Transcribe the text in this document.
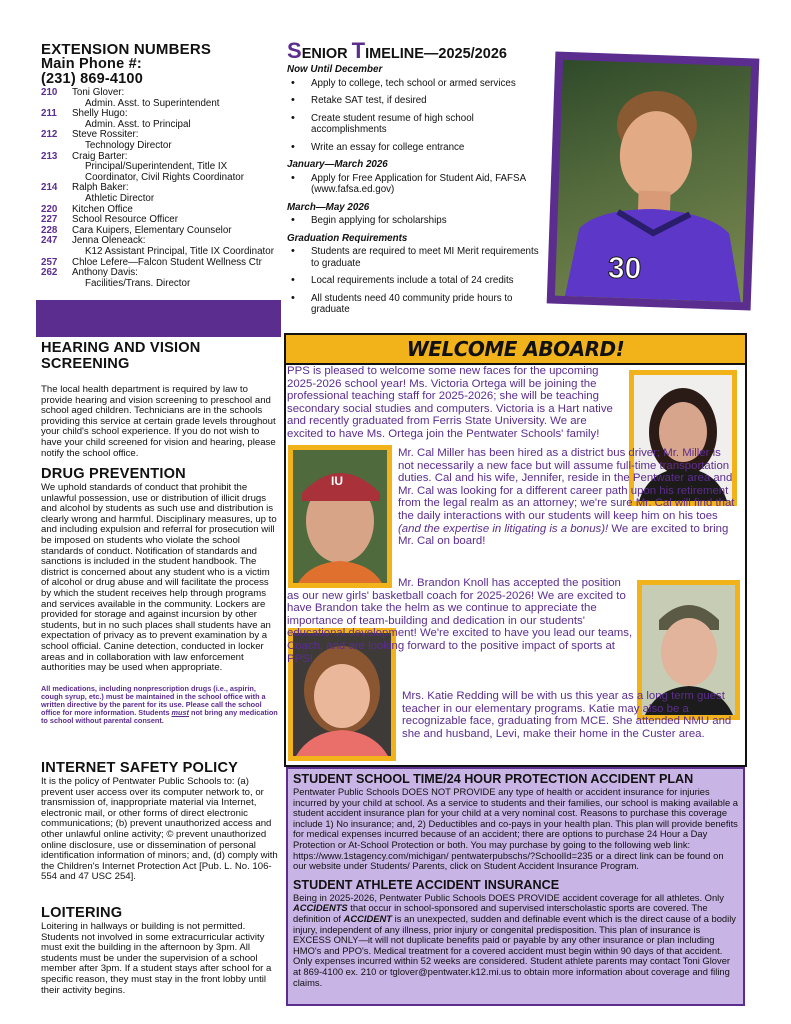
EXTENSION NUMBERS
Main Phone #:
(231) 869-4100
210	Toni Glover:
Admin. Asst. to Superintendent
211	Shelly Hugo:
Admin. Asst. to Principal
212	Steve Rossiter:
Technology Director
213	Craig Barter:
Principal/Superintendent, Title IX Coordinator, Civil Rights Coordinator
214	Ralph Baker:
Athletic Director
220	Kitchen Office
227	School Resource Officer
228	Cara Kuipers, Elementary Counselor
247	Jenna Oleneack:
K12 Assistant Principal, Title IX Coordinator
257	Chloe Lefere—Falcon Student Wellness Ctr
262	Anthony Davis:
Facilities/Trans. Director
SENIOR TIMELINE—2025/2026
Now Until December
• Apply to college, tech school or armed services
• Retake SAT test, if desired
• Create student resume of high school accomplishments
• Write an essay for college entrance
January—March 2026
• Apply for Free Application for Student Aid, FAFSA (www.fafsa.ed.gov)
March—May 2026
• Begin applying for scholarships
Graduation Requirements
• Students are required to meet MI Merit requirements to graduate
• Local requirements include a total of 24 credits
• All students need 40 community pride hours to graduate
30
HEARING AND VISION SCREENING
The local health department is required by law to provide hearing and vision screening to preschool and school aged children. Technicians are in the schools providing this service at certain grade levels throughout your child's school experience. If you do not wish to have your child screened for vision and hearing, please notify the school office.
DRUG PREVENTION
We uphold standards of conduct that prohibit the unlawful possession, use or distribution of illicit drugs and alcohol by students as such use and distribution is clearly wrong and harmful. Disciplinary measures, up to and including expulsion and referral for prosecution will be imposed on students who violate the school standards of conduct. Notification of standards and sanctions is included in the student handbook. The district is concerned about any student who is a victim of alcohol or drug abuse and will facilitate the process by which the student receives help through programs and services available in the community. Lockers are provided for storage and against incursion by other students, but in no such places shall students have an expectation of privacy as to prevent examination by a school official. Canine detection, conducted in locker areas and in collaboration with law enforcement authorities may be used when appropriate.
All medications, including nonprescription drugs (i.e., aspirin, cough syrup, etc.) must be maintained in the school office with a written directive by the parent for its use. Please call the school office for more information. Students must not bring any medication to school without parental consent.
INTERNET SAFETY POLICY
It is the policy of Pentwater Public Schools to: (a) prevent user access over its computer network to, or transmission of, inappropriate material via Internet, electronic mail, or other forms of direct electronic communications; (b) prevent unauthorized access and other unlawful online activity; © prevent unauthorized online disclosure, use or dissemination of personal identification information of minors; and, (d) comply with the Children's Internet Protection Act [Pub. L. No. 106-554 and 47 USC 254].
LOITERING
Loitering in hallways or building is not permitted. Students not involved in some extracurricular activity must exit the building in the afternoon by 3pm. All students must be under the supervision of a school member after 3pm. If a student stays after school for a specific reason, they must stay in the front lobby until their activity begins.
WELCOME ABOARD!
PPS is pleased to welcome some new faces for the upcoming 2025-2026 school year! Ms. Victoria Ortega will be joining the professional teaching staff for 2025-2026; she will be teaching secondary social studies and computers. Victoria is a Hart native and recently graduated from Ferris State University. We are excited to have Ms. Ortega join the Pentwater Schools' family!
IU
Mr. Cal Miller has been hired as a district bus driver; Mr. Miller is not necessarily a new face but will assume full-time transportation duties. Cal and his wife, Jennifer, reside in the Pentwater area and Mr. Cal was looking for a different career path upon his retirement from the legal realm as an attorney; we're sure Mr. Cal will find that the daily interactions with our students will keep him on his toes (and the expertise in litigating is a bonus)! We are excited to bring Mr. Cal on board!
Mr. Brandon Knoll has accepted the position as our new girls' basketball coach for 2025-2026! We are excited to have Brandon take the helm as we continue to appreciate the importance of team-building and dedication in our students' educational development! We're excited to have you lead our teams, Coach, and are looking forward to the positive impact of sports at PPS!
Mrs. Katie Redding will be with us this year as a long term guest teacher in our elementary programs. Katie may also be a recognizable face, graduating from MCE. She attended NMU and she and husband, Levi, make their home in the Custer area.
STUDENT SCHOOL TIME/24 HOUR PROTECTION ACCIDENT PLAN
Pentwater Public Schools DOES NOT PROVIDE any type of health or accident insurance for injuries incurred by your child at school. As a service to students and their families, our school is making available a student accident insurance plan for your child at a very nominal cost. Reasons to purchase this coverage include 1) No insurance; and, 2) Deductibles and co-pays in your health plan. This plan will provide benefits for medical expenses incurred because of an accident; there are options to purchase 24 Hour a Day Protection or At-School Protection or both. You may purchase by going to the following web link: https://www.1stagency.com/michigan/ pentwaterpubschs/?SchoolId=235 or a direct link can be found on our website under Students/ Parents, click on Student Accident Insurance Program.
STUDENT ATHLETE ACCIDENT INSURANCE
Being in 2025-2026, Pentwater Public Schools DOES PROVIDE accident coverage for all athletes. Only ACCIDENTS that occur in school-sponsored and supervised interscholastic sports are covered. The definition of ACCIDENT is an unexpected, sudden and definable event which is the direct cause of a bodily injury, independent of any illness, prior injury or congenital predisposition. This plan of insurance is EXCESS ONLY—it will not duplicate benefits paid or payable by any other insurance or plan including HMO's and PPO's. Medical treatment for a covered accident must begin within 90 days of that accident. Only expenses incurred within 52 weeks are considered. Student athlete parents may contact Toni Glover at 869-4100 ex. 210 or tglover@pentwater.k12.mi.us to obtain more information about coverage and filing claims.
